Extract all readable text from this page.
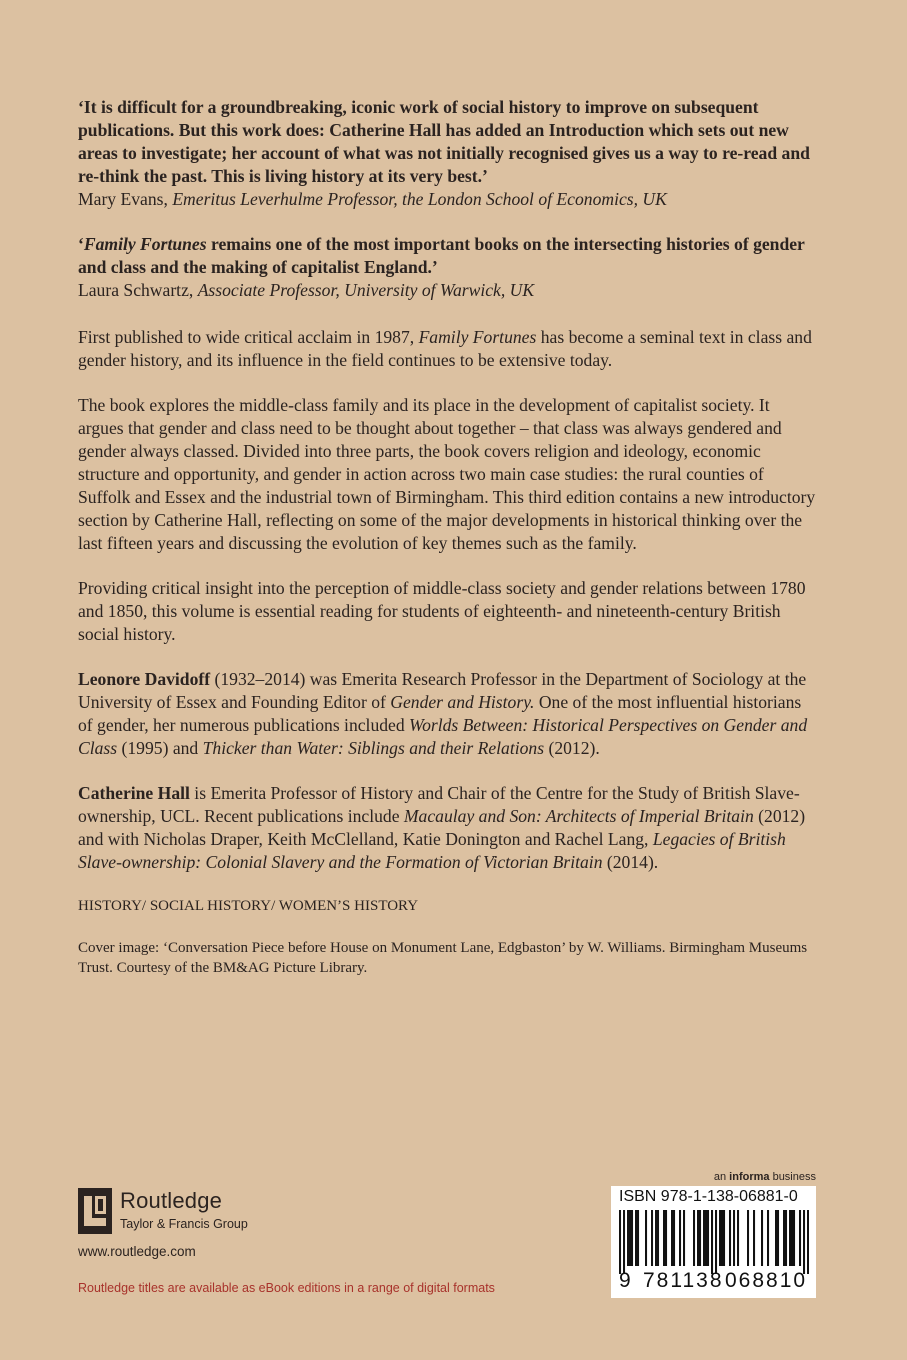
‘It is difficult for a groundbreaking, iconic work of social history to improve on subsequent publications. But this work does: Catherine Hall has added an Introduction which sets out new areas to investigate; her account of what was not initially recognised gives us a way to re-read and re-think the past. This is living history at its very best.’
Mary Evans, Emeritus Leverhulme Professor, the London School of Economics, UK

‘Family Fortunes remains one of the most important books on the intersecting histories of gender and class and the making of capitalist England.’
Laura Schwartz, Associate Professor, University of Warwick, UK

First published to wide critical acclaim in 1987, Family Fortunes has become a seminal text in class and gender history, and its influence in the field continues to be extensive today.

The book explores the middle-class family and its place in the development of capitalist society. It argues that gender and class need to be thought about together – that class was always gendered and gender always classed. Divided into three parts, the book covers religion and ideology, economic structure and opportunity, and gender in action across two main case studies: the rural counties of Suffolk and Essex and the industrial town of Birmingham. This third edition contains a new introductory section by Catherine Hall, reflecting on some of the major developments in historical thinking over the last fifteen years and discussing the evolution of key themes such as the family.

Providing critical insight into the perception of middle-class society and gender relations between 1780 and 1850, this volume is essential reading for students of eighteenth- and nineteenth-century British social history.

Leonore Davidoff (1932–2014) was Emerita Research Professor in the Department of Sociology at the University of Essex and Founding Editor of Gender and History. One of the most influential historians of gender, her numerous publications included Worlds Between: Historical Perspectives on Gender and Class (1995) and Thicker than Water: Siblings and their Relations (2012).

Catherine Hall is Emerita Professor of History and Chair of the Centre for the Study of British Slave-ownership, UCL. Recent publications include Macaulay and Son: Architects of Imperial Britain (2012) and with Nicholas Draper, Keith McClelland, Katie Donington and Rachel Lang, Legacies of British Slave-ownership: Colonial Slavery and the Formation of Victorian Britain (2014).

HISTORY/ SOCIAL HISTORY/ WOMEN’S HISTORY

Cover image: ‘Conversation Piece before House on Monument Lane, Edgbaston’ by W. Williams. Birmingham Museums Trust. Courtesy of the BM&AG Picture Library.

Routledge
Taylor & Francis Group
www.routledge.com
Routledge titles are available as eBook editions in a range of digital formats
an informa business
ISBN 978-1-138-06881-0
9 781138 068810
